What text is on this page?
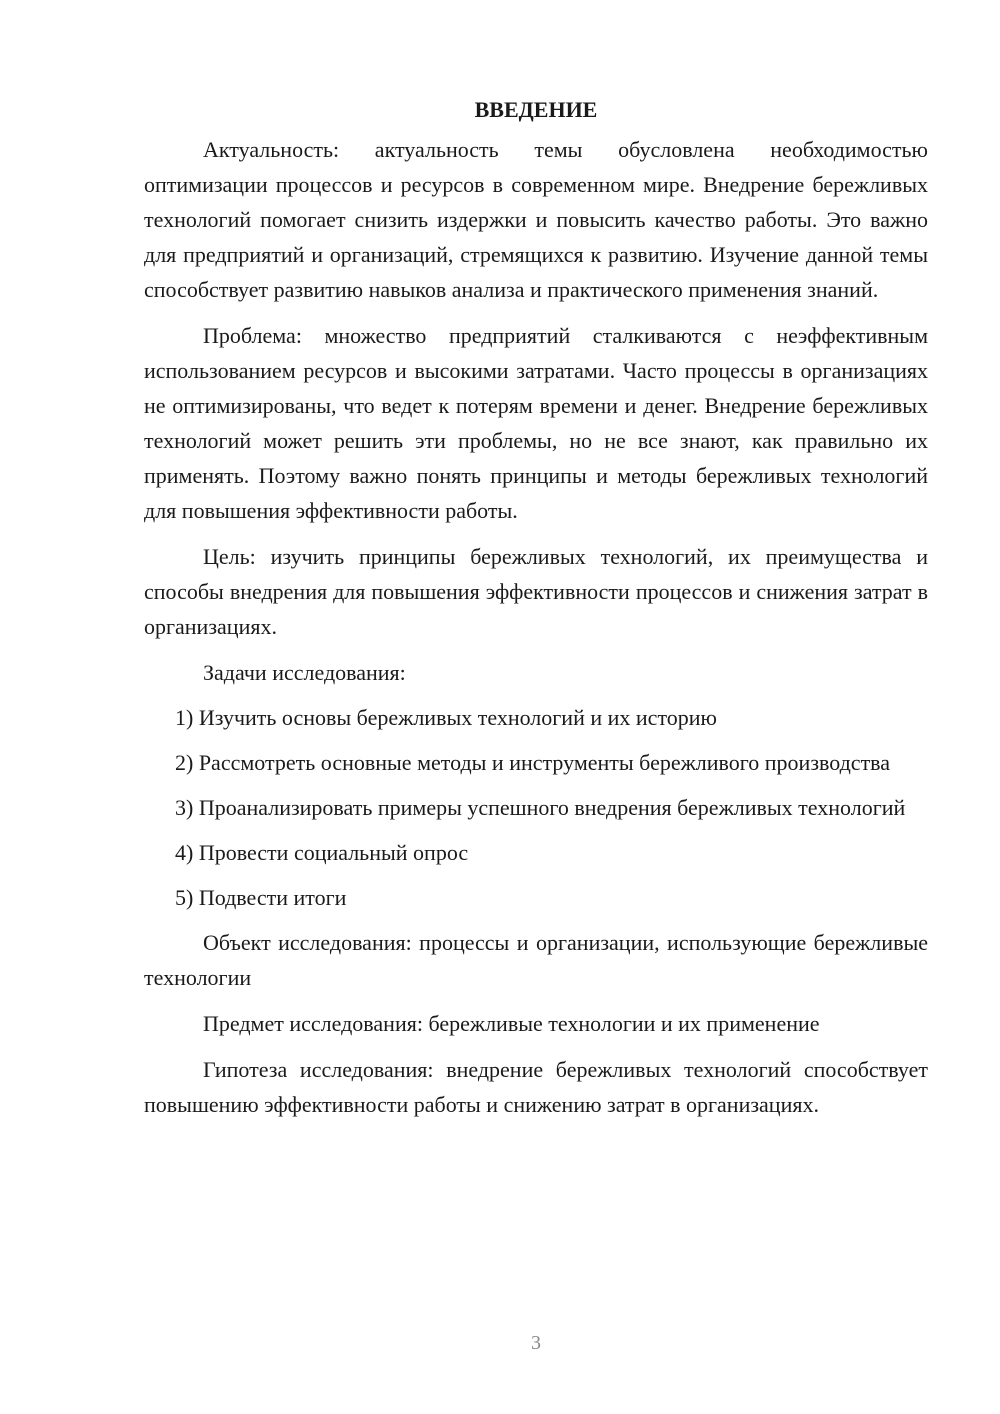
ВВЕДЕНИЕ

Актуальность: актуальность темы обусловлена необходимостью оптимизации процессов и ресурсов в современном мире. Внедрение бережливых технологий помогает снизить издержки и повысить качество работы. Это важно для предприятий и организаций, стремящихся к развитию. Изучение данной темы способствует развитию навыков анализа и практического применения знаний.

Проблема: множество предприятий сталкиваются с неэффективным использованием ресурсов и высокими затратами. Часто процессы в организациях не оптимизированы, что ведет к потерям времени и денег. Внедрение бережливых технологий может решить эти проблемы, но не все знают, как правильно их применять. Поэтому важно понять принципы и методы бережливых технологий для повышения эффективности работы.

Цель: изучить принципы бережливых технологий, их преимущества и способы внедрения для повышения эффективности процессов и снижения затрат в организациях.

Задачи исследования:

1) Изучить основы бережливых технологий и их историю

2) Рассмотреть основные методы и инструменты бережливого производства

3) Проанализировать примеры успешного внедрения бережливых технологий

4) Провести социальный опрос

5) Подвести итоги

Объект исследования: процессы и организации, использующие бережливые технологии

Предмет исследования: бережливые технологии и их применение

Гипотеза исследования: внедрение бережливых технологий способствует повышению эффективности работы и снижению затрат в организациях.

3
